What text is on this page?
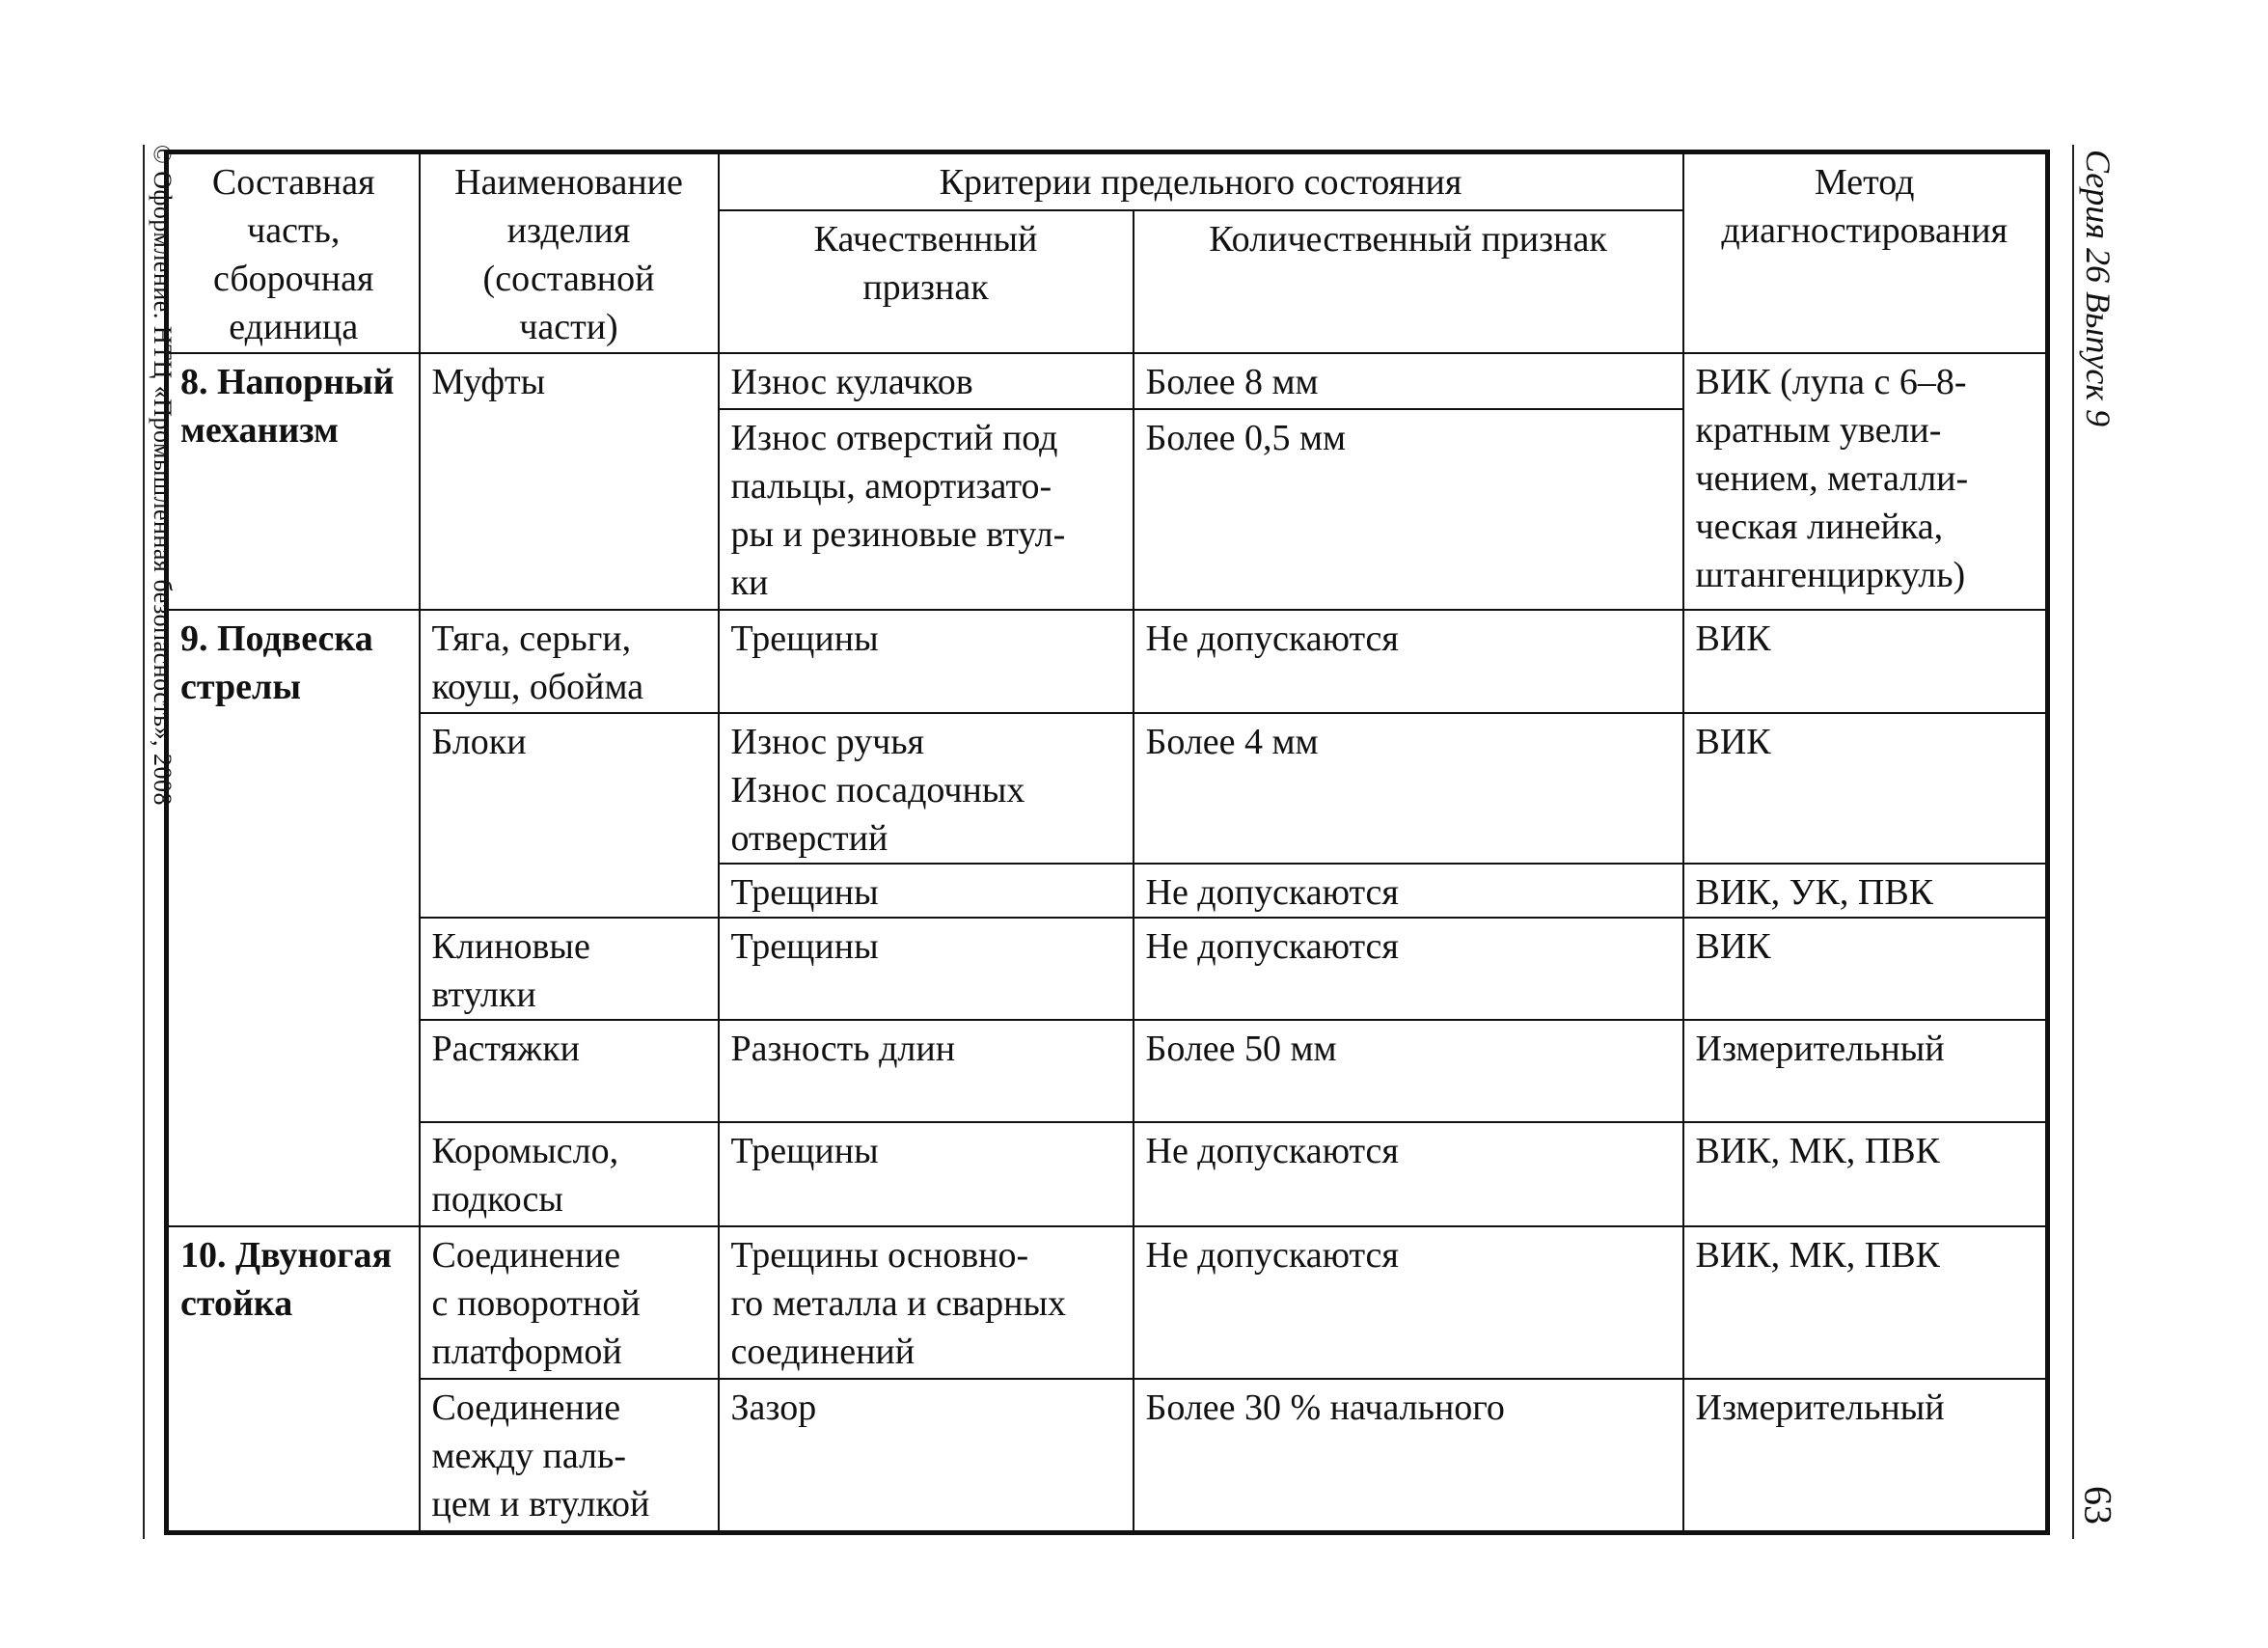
© Оформление. НТЦ «Промышленная безопасность», 2008	Серия 26 Выпуск 9
63
Составная
часть,
сборочная
единица	Наименование
изделия
(составной
части)	Критерии предельного состояния		Метод
диагностирования

		Качественный
признак	Количественный признак	

8. Напорный
механизм	Муфты	Износ кулачков	Более 8 мм	ВИК (лупа с 6–8-
кратным увели-
чением, металли-
ческая линейка,
штангенциркуль)

		Износ отверстий под
пальцы, амортизато-
ры и резиновые втул-
ки	Более 0,5 мм	

9. Подвеска
стрелы	Тяга, серьги,
коуш, обойма	Трещины	Не допускаются	ВИК

	Блоки	Износ ручья
Износ посадочных
отверстий	Более 4 мм	ВИК

		Трещины	Не допускаются	ВИК, УК, ПВК

	Клиновые
втулки	Трещины	Не допускаются	ВИК

	Растяжки	Разность длин	Более 50 мм	Измерительный

	Коромысло,
подкосы	Трещины	Не допускаются	ВИК, МК, ПВК

10. Двуногая
стойка	Соединение
с поворотной
платформой	Трещины основно-
го металла и сварных
соединений	Не допускаются	ВИК, МК, ПВК

	Соединение
между паль-
цем и втулкой	Зазор	Более 30 % начального	Измерительный
